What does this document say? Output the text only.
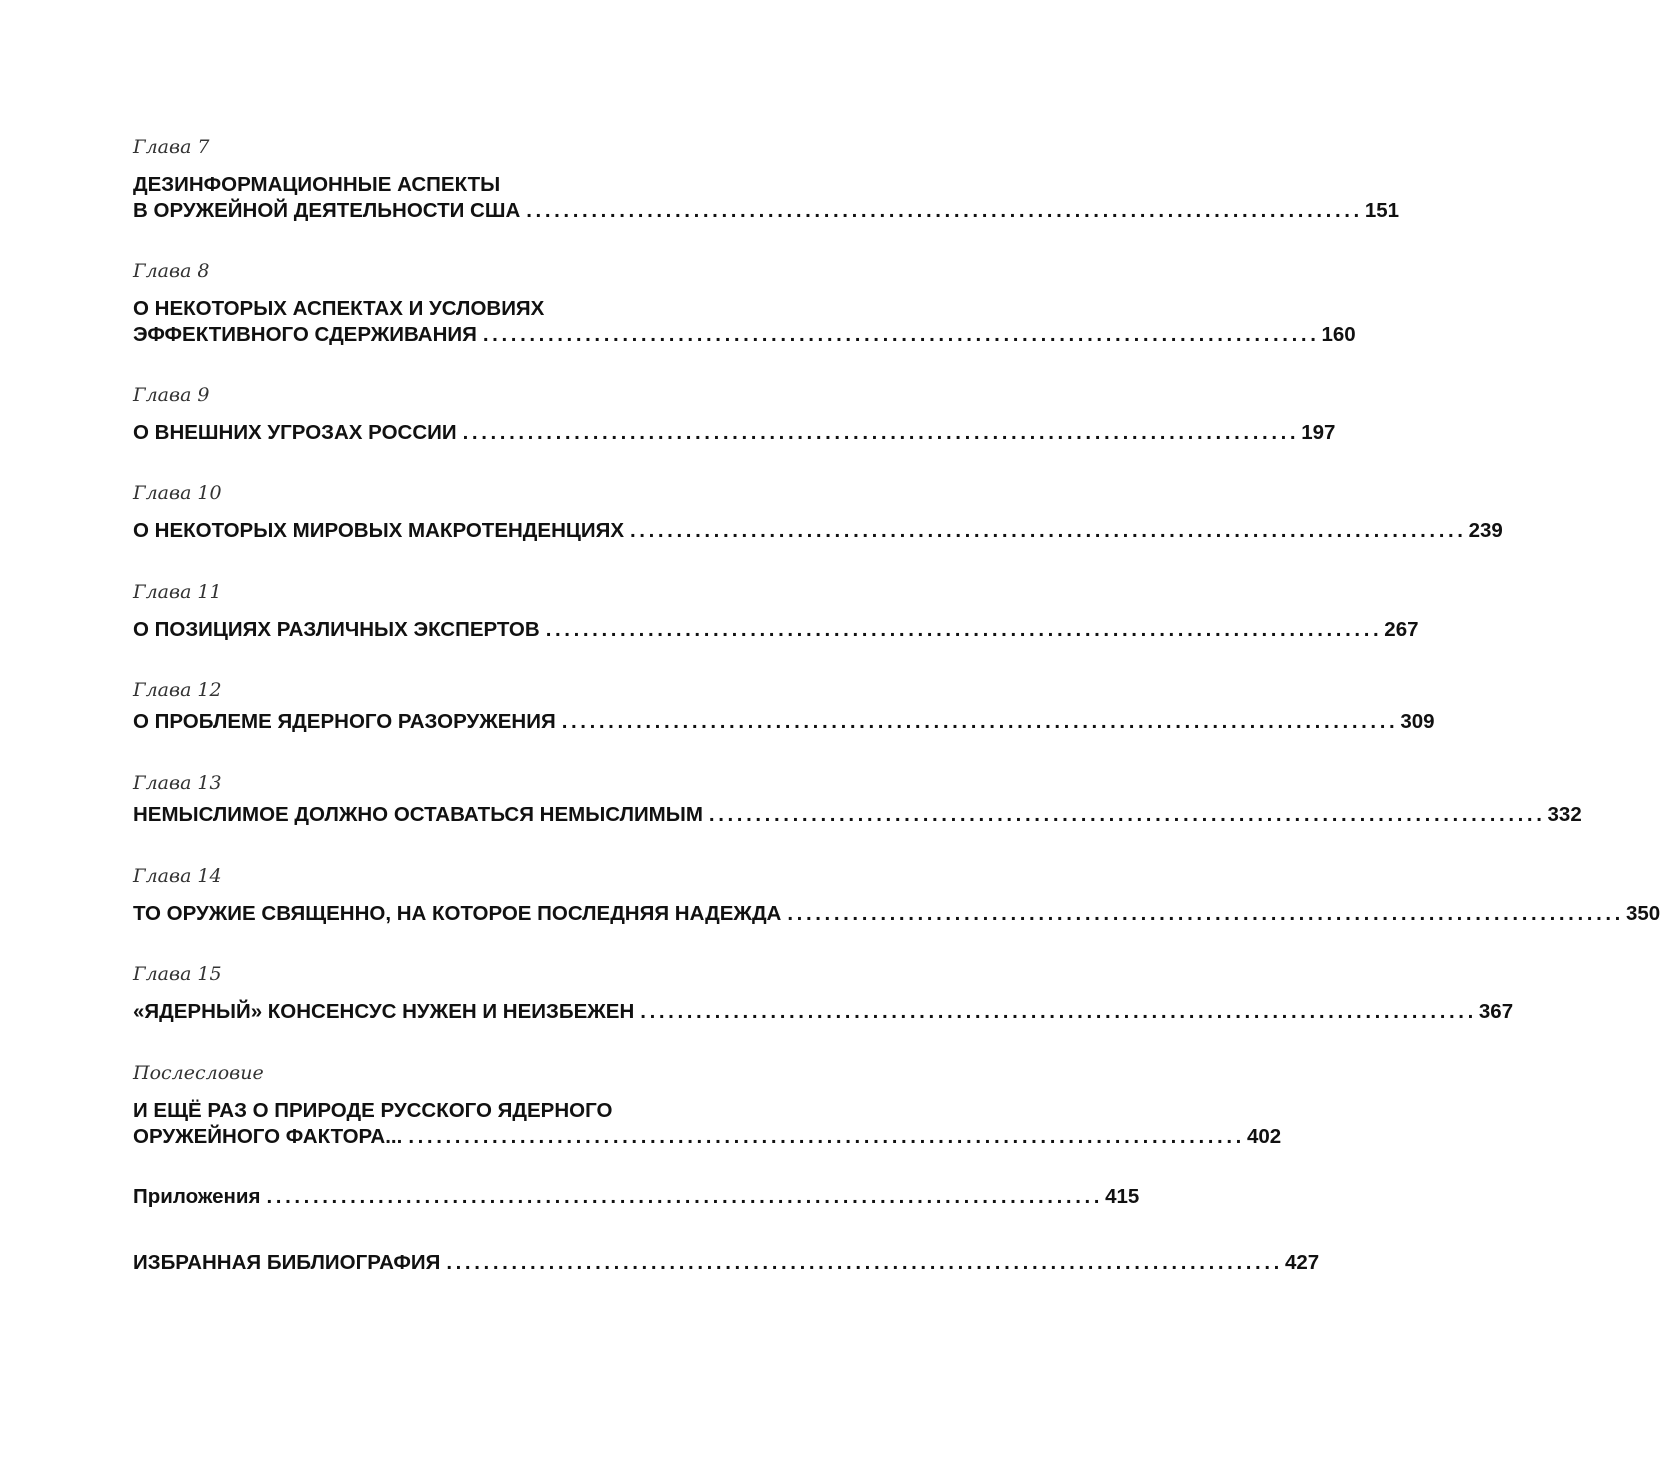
Глава 7
ДЕЗИНФОРМАЦИОННЫЕ АСПЕКТЫ
В ОРУЖЕЙНОЙ ДЕЯТЕЛЬНОСТИ США .......................................................................................... 151
Глава 8
О НЕКОТОРЫХ АСПЕКТАХ И УСЛОВИЯХ
ЭФФЕКТИВНОГО СДЕРЖИВАНИЯ .......................................................................................... 160
Глава 9
О ВНЕШНИХ УГРОЗАХ РОССИИ .......................................................................................... 197
Глава 10
О НЕКОТОРЫХ МИРОВЫХ МАКРОТЕНДЕНЦИЯХ .......................................................................................... 239
Глава 11
О ПОЗИЦИЯХ РАЗЛИЧНЫХ ЭКСПЕРТОВ .......................................................................................... 267
Глава 12
О ПРОБЛЕМЕ ЯДЕРНОГО РАЗОРУЖЕНИЯ .......................................................................................... 309
Глава 13
НЕМЫСЛИМОЕ ДОЛЖНО ОСТАВАТЬСЯ НЕМЫСЛИМЫМ .......................................................................................... 332
Глава 14
ТО ОРУЖИЕ СВЯЩЕННО, НА КОТОРОЕ ПОСЛЕДНЯЯ НАДЕЖДА .......................................................................................... 350
Глава 15
«ЯДЕРНЫЙ» КОНСЕНСУС НУЖЕН И НЕИЗБЕЖЕН .......................................................................................... 367
Послесловие
И ЕЩЁ РАЗ О ПРИРОДЕ РУССКОГО ЯДЕРНОГО
ОРУЖЕЙНОГО ФАКТОРА... .......................................................................................... 402
Приложения .......................................................................................... 415
ИЗБРАННАЯ БИБЛИОГРАФИЯ .......................................................................................... 427
